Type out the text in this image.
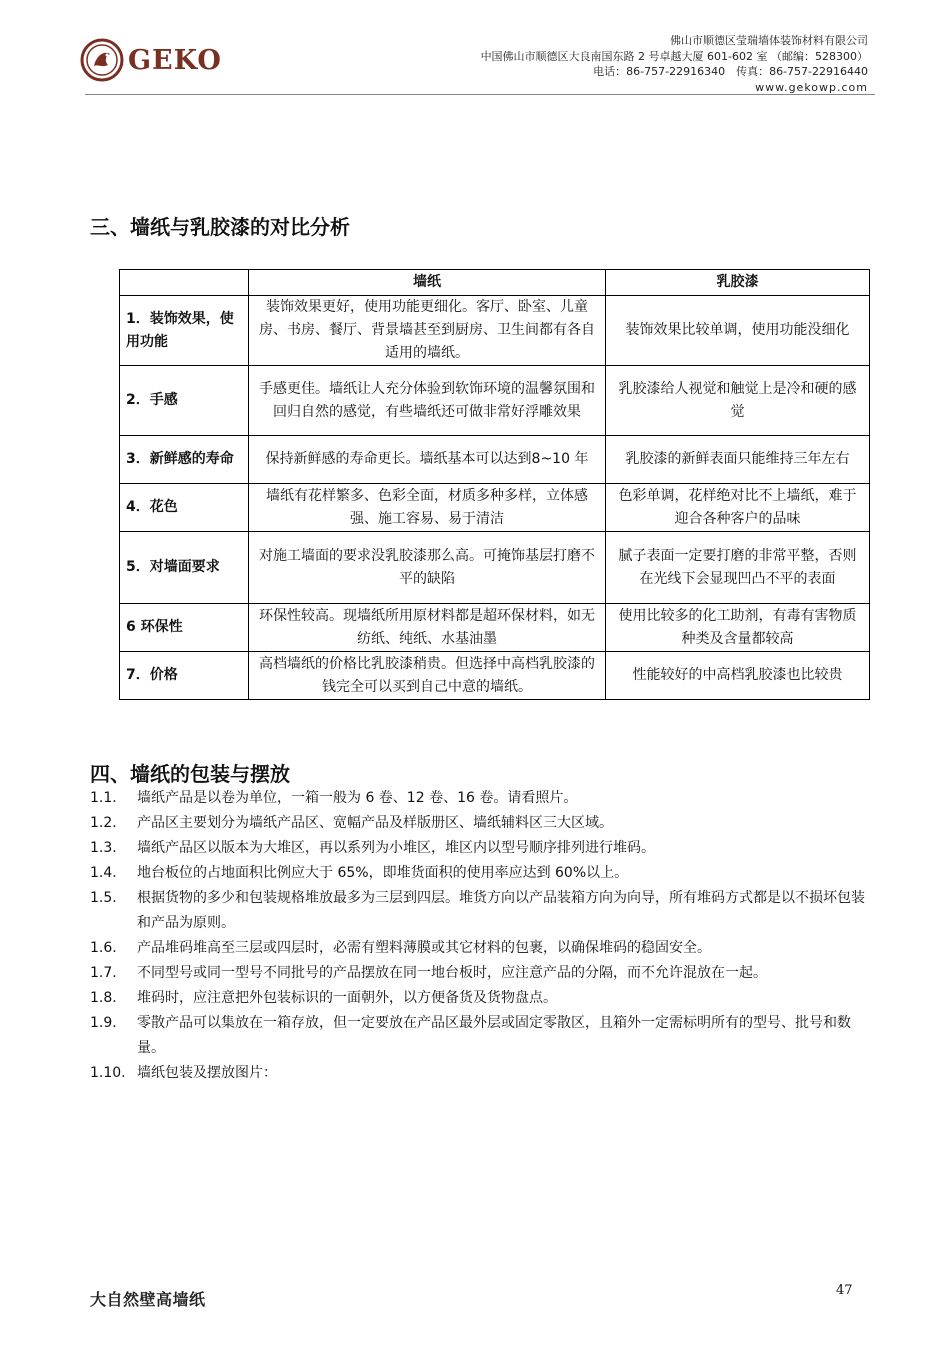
GEKO
佛山市顺德区莹瑞墙体装饰材料有限公司
中国佛山市顺德区大良南国东路 2 号卓越大厦 601-602 室 （邮编：528300）
电话：86-757-22916340　传真：86-757-22916440
www.gekowp.com
三、墙纸与乳胶漆的对比分析
	墙纸	乳胶漆
1．装饰效果，使用功能	装饰效果更好，使用功能更细化。客厅、卧室、儿童房、书房、餐厅、背景墙甚至到厨房、卫生间都有各自适用的墙纸。	装饰效果比较单调，使用功能没细化
2．手感	手感更佳。墙纸让人充分体验到软饰环境的温馨氛围和回归自然的感觉，有些墙纸还可做非常好浮雕效果	乳胶漆给人视觉和触觉上是冷和硬的感觉
3．新鲜感的寿命	保持新鲜感的寿命更长。墙纸基本可以达到8~10 年	乳胶漆的新鲜表面只能维持三年左右
4．花色	墙纸有花样繁多、色彩全面，材质多种多样，立体感强、施工容易、易于清洁	色彩单调，花样绝对比不上墙纸，难于迎合各种客户的品味
5．对墙面要求	对施工墙面的要求没乳胶漆那么高。可掩饰基层打磨不平的缺陷	腻子表面一定要打磨的非常平整，否则在光线下会显现凹凸不平的表面
6 环保性	环保性较高。现墙纸所用原材料都是超环保材料，如无纺纸、纯纸、水基油墨	使用比较多的化工助剂，有毒有害物质种类及含量都较高
7．价格	高档墙纸的价格比乳胶漆稍贵。但选择中高档乳胶漆的钱完全可以买到自己中意的墙纸。	性能较好的中高档乳胶漆也比较贵
四、墙纸的包装与摆放
1.1.	墙纸产品是以卷为单位，一箱一般为 6 卷、12 卷、16 卷。请看照片。
1.2.	产品区主要划分为墙纸产品区、宽幅产品及样版册区、墙纸辅料区三大区域。
1.3.	墙纸产品区以版本为大堆区，再以系列为小堆区，堆区内以型号顺序排列进行堆码。
1.4.	地台板位的占地面积比例应大于 65%，即堆货面积的使用率应达到 60%以上。
1.5.	根据货物的多少和包装规格堆放最多为三层到四层。堆货方向以产品装箱方向为向导，所有堆码方式都是以不损坏包装和产品为原则。
1.6.	产品堆码堆高至三层或四层时，必需有塑料薄膜或其它材料的包裹，以确保堆码的稳固安全。
1.7.	不同型号或同一型号不同批号的产品摆放在同一地台板时，应注意产品的分隔，而不允许混放在一起。
1.8.	堆码时，应注意把外包装标识的一面朝外，以方便备货及货物盘点。
1.9.	零散产品可以集放在一箱存放，但一定要放在产品区最外层或固定零散区，且箱外一定需标明所有的型号、批号和数量。
1.10. 墙纸包装及摆放图片：
大自然壁高墙纸	47
